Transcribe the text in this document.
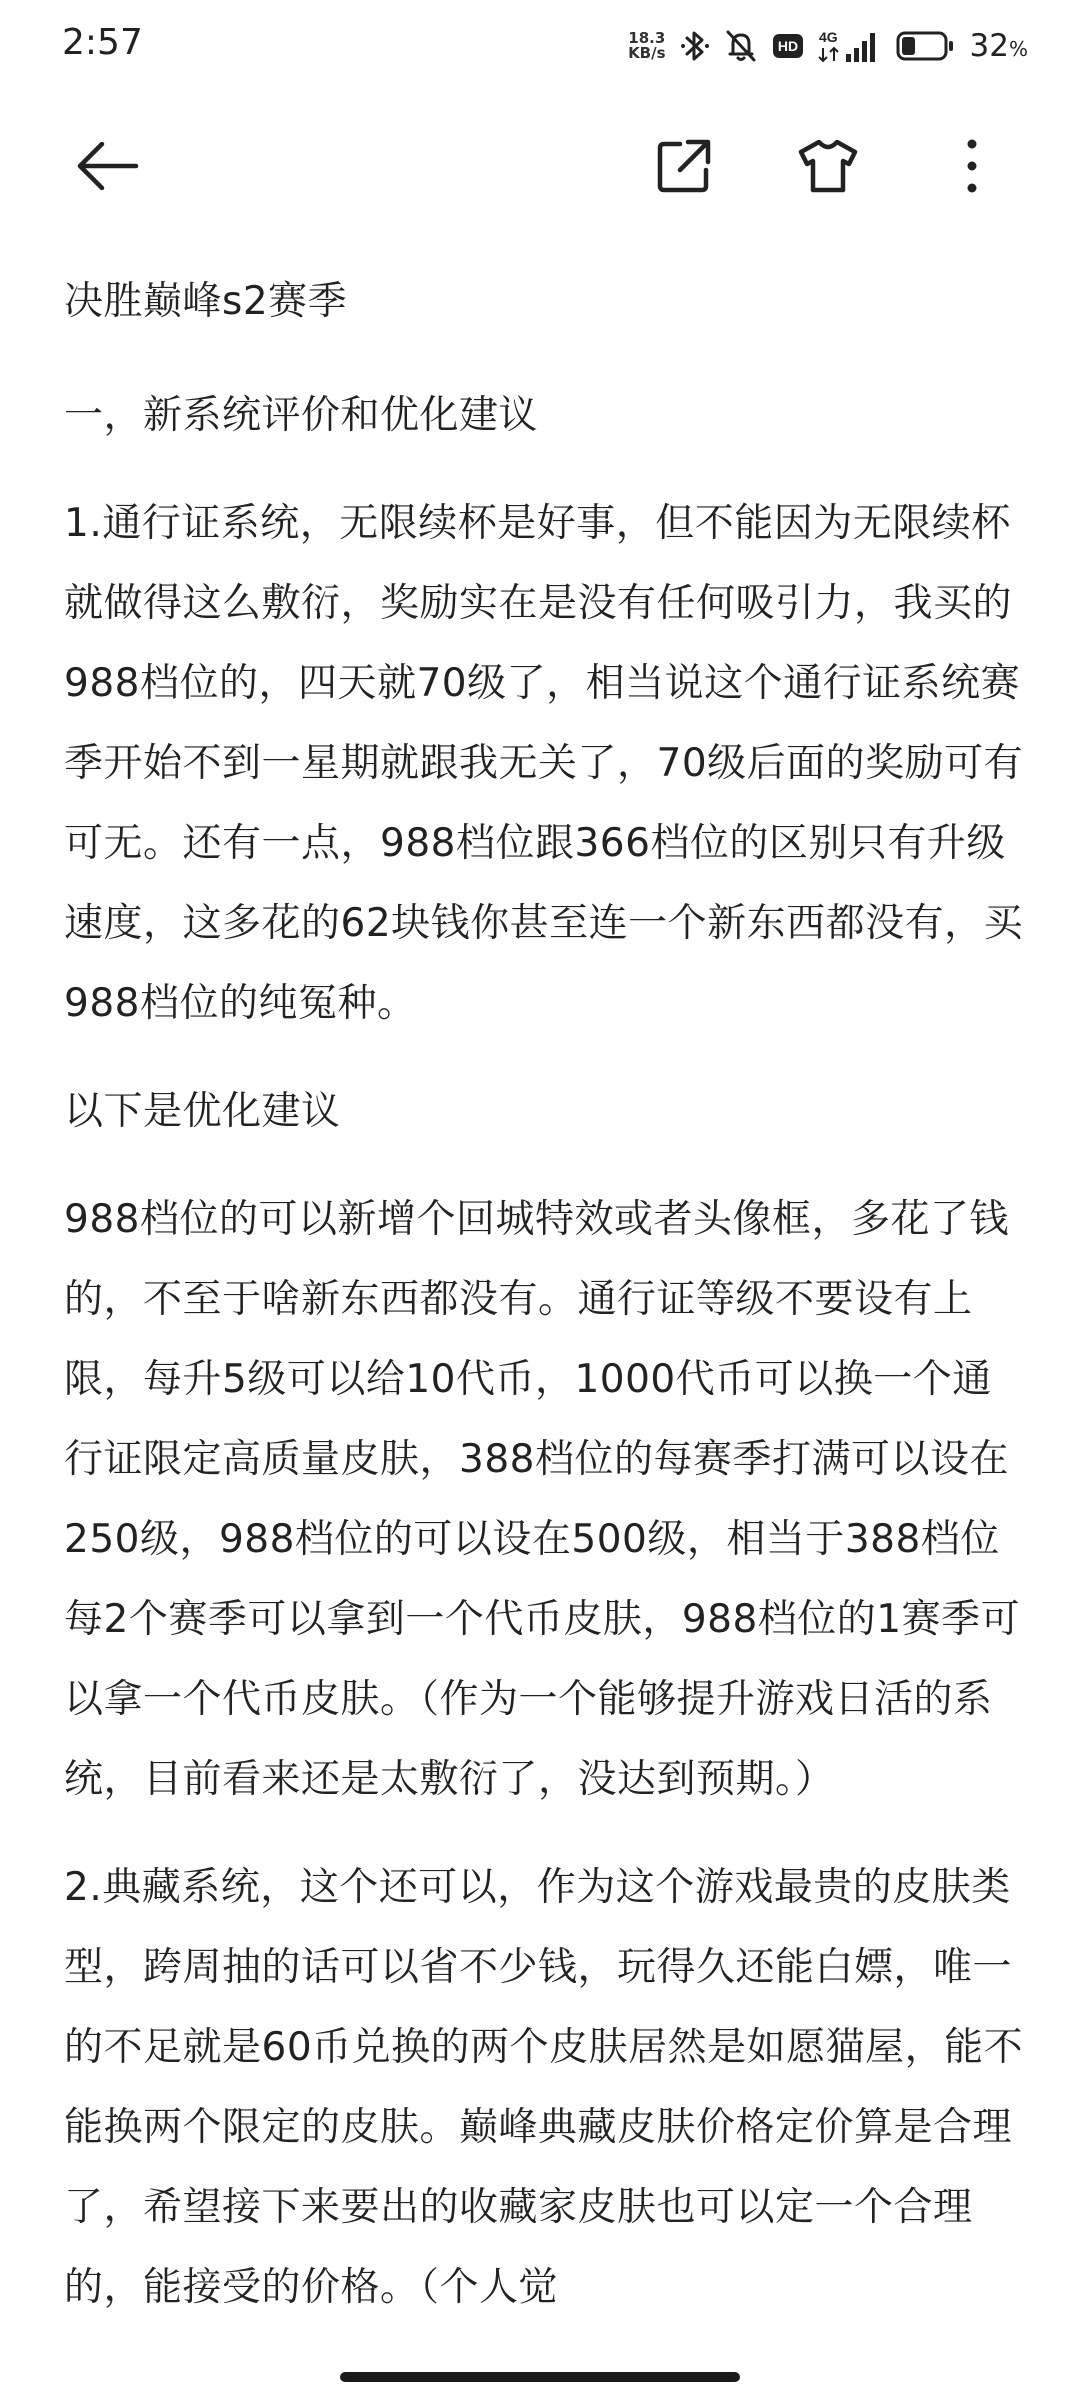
2:57	18.3
KB/s	HD
4G	32%

决胜巅峰s2赛季

一，新系统评价和优化建议

1.通行证系统，无限续杯是好事，但不能因为无限续杯就做得这么敷衍，奖励实在是没有任何吸引力，我买的988档位的，四天就70级了，相当说这个通行证系统赛季开始不到一星期就跟我无关了，70级后面的奖励可有可无。还有一点，988档位跟366档位的区别只有升级速度，这多花的62块钱你甚至连一个新东西都没有，买988档位的纯冤种。

以下是优化建议

988档位的可以新增个回城特效或者头像框，多花了钱的，不至于啥新东西都没有。通行证等级不要设有上限，每升5级可以给10代币，1000代币可以换一个通行证限定高质量皮肤，388档位的每赛季打满可以设在250级，988档位的可以设在500级，相当于388档位每2个赛季可以拿到一个代币皮肤，988档位的1赛季可以拿一个代币皮肤。（作为一个能够提升游戏日活的系统，目前看来还是太敷衍了，没达到预期。）

2.典藏系统，这个还可以，作为这个游戏最贵的皮肤类型，跨周抽的话可以省不少钱，玩得久还能白嫖，唯一的不足就是60币兑换的两个皮肤居然是如愿猫屋，能不能换两个限定的皮肤。巅峰典藏皮肤价格定价算是合理了，希望接下来要出的收藏家皮肤也可以定一个合理的，能接受的价格。（个人觉
